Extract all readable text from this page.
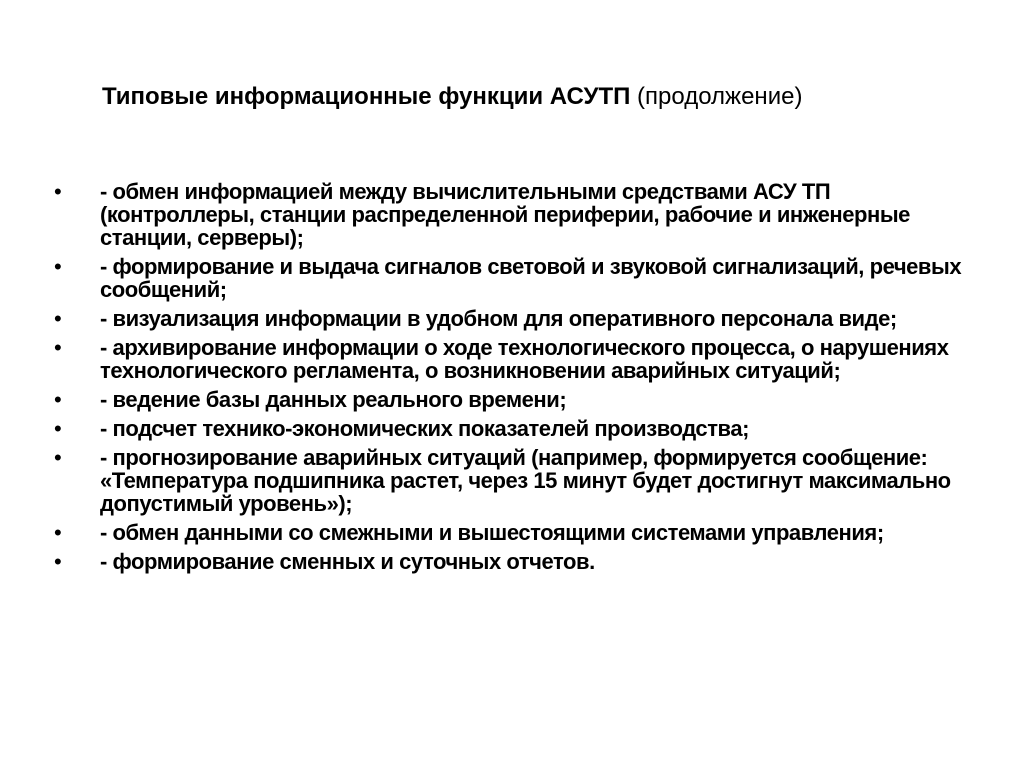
Типовые информационные функции АСУТП (продолжение)
•	- обмен информацией между вычислительными средствами АСУ ТП (контроллеры, станции распределенной периферии, рабочие и инженерные станции, серверы);
•	- формирование и выдача сигналов световой и звуковой сигнализаций, речевых сообщений;
•	- визуализация информации в удобном для оперативного персонала виде;
•	- архивирование информации о ходе технологического процесса, о нарушениях технологического регламента, о возникновении аварийных ситуаций;
•	- ведение базы данных реального времени;
•	- подсчет технико-экономических показателей производства;
•	- прогнозирование аварийных ситуаций (например, формируется сообщение: «Температура подшипника растет, через 15 минут будет достигнут максимально допустимый уровень»);
•	- обмен данными со смежными и вышестоящими системами управления;
•	- формирование сменных и суточных отчетов.
